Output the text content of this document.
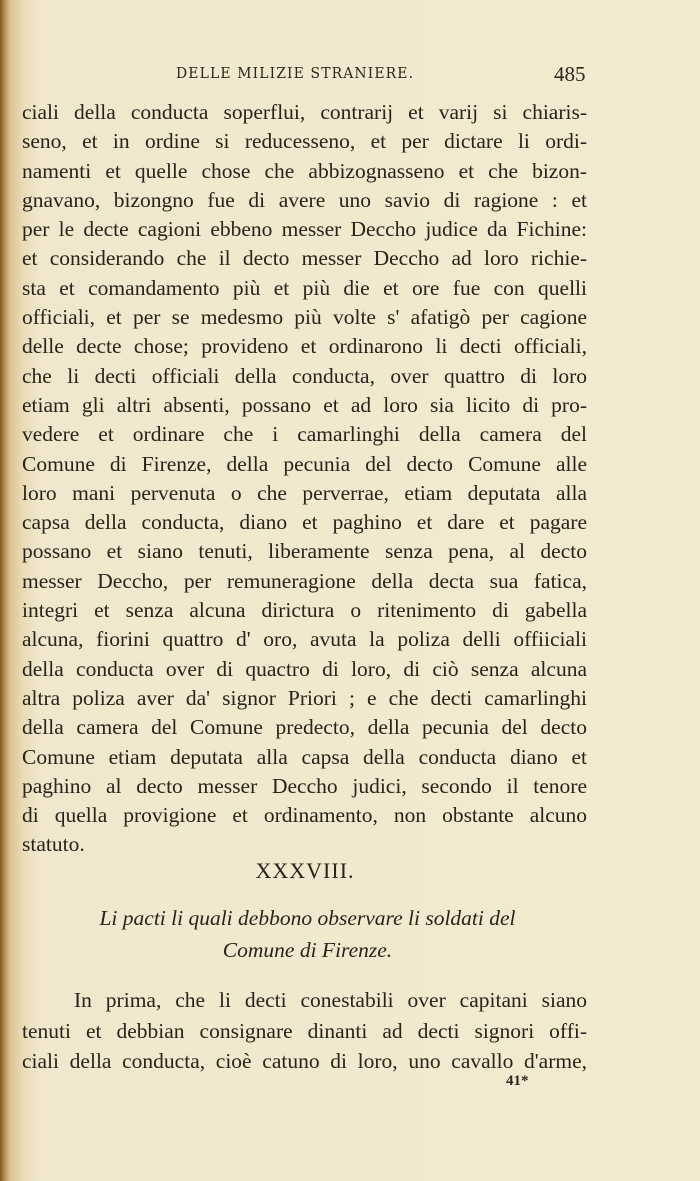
DELLE MILIZIE STRANIERE.	485
ciali della conducta soperflui, contrarij et varij si chiaris-
seno, et in ordine si reducesseno, et per dictare li ordi-
namenti et quelle chose che abbizognasseno et che bizon-
gnavano, bizongno fue di avere uno savio di ragione : et
per le decte cagioni ebbeno messer Deccho judice da Fichine:
et considerando che il decto messer Deccho ad loro richie-
sta et comandamento più et più die et ore fue con quelli
officiali, et per se medesmo più volte s' afatigò per cagione
delle decte chose; provideno et ordinarono li decti officiali,
che li decti officiali della conducta, over quattro di loro
etiam gli altri absenti, possano et ad loro sia licito di pro-
vedere et ordinare che i camarlinghi della camera del
Comune di Firenze, della pecunia del decto Comune alle
loro mani pervenuta o che perverrae, etiam deputata alla
capsa della conducta, diano et paghino et dare et pagare
possano et siano tenuti, liberamente senza pena, al decto
messer Decchо, per remuneragione della decta sua fatica,
integri et senza alcuna dirictura o ritenimento di gabella
alcuna, fiorini quattro d' oro, avuta la poliza delli offiiciali
della conducta over di quactro di loro, di ciò senza alcuna
altra poliza aver da' signor Priori ; e che decti camarlinghi
della camera del Comune predecto, della pecunia del decto
Comune etiam deputata alla capsa della conducta diano et
paghino al decto messer Decchо judici, secondo il tenore
di quella provigione et ordinamento, non obstante alcuno
statuto.
XXXVIII.
Li pacti li quali debbono observare li soldati del
Comune di Firenze.
In prima, che li decti conestabili over capitani siano
tenuti et debbian consignare dinanti ad decti signori offi-
ciali della conducta, cioè catuno di loro, uno cavallo d'arme,
41*
